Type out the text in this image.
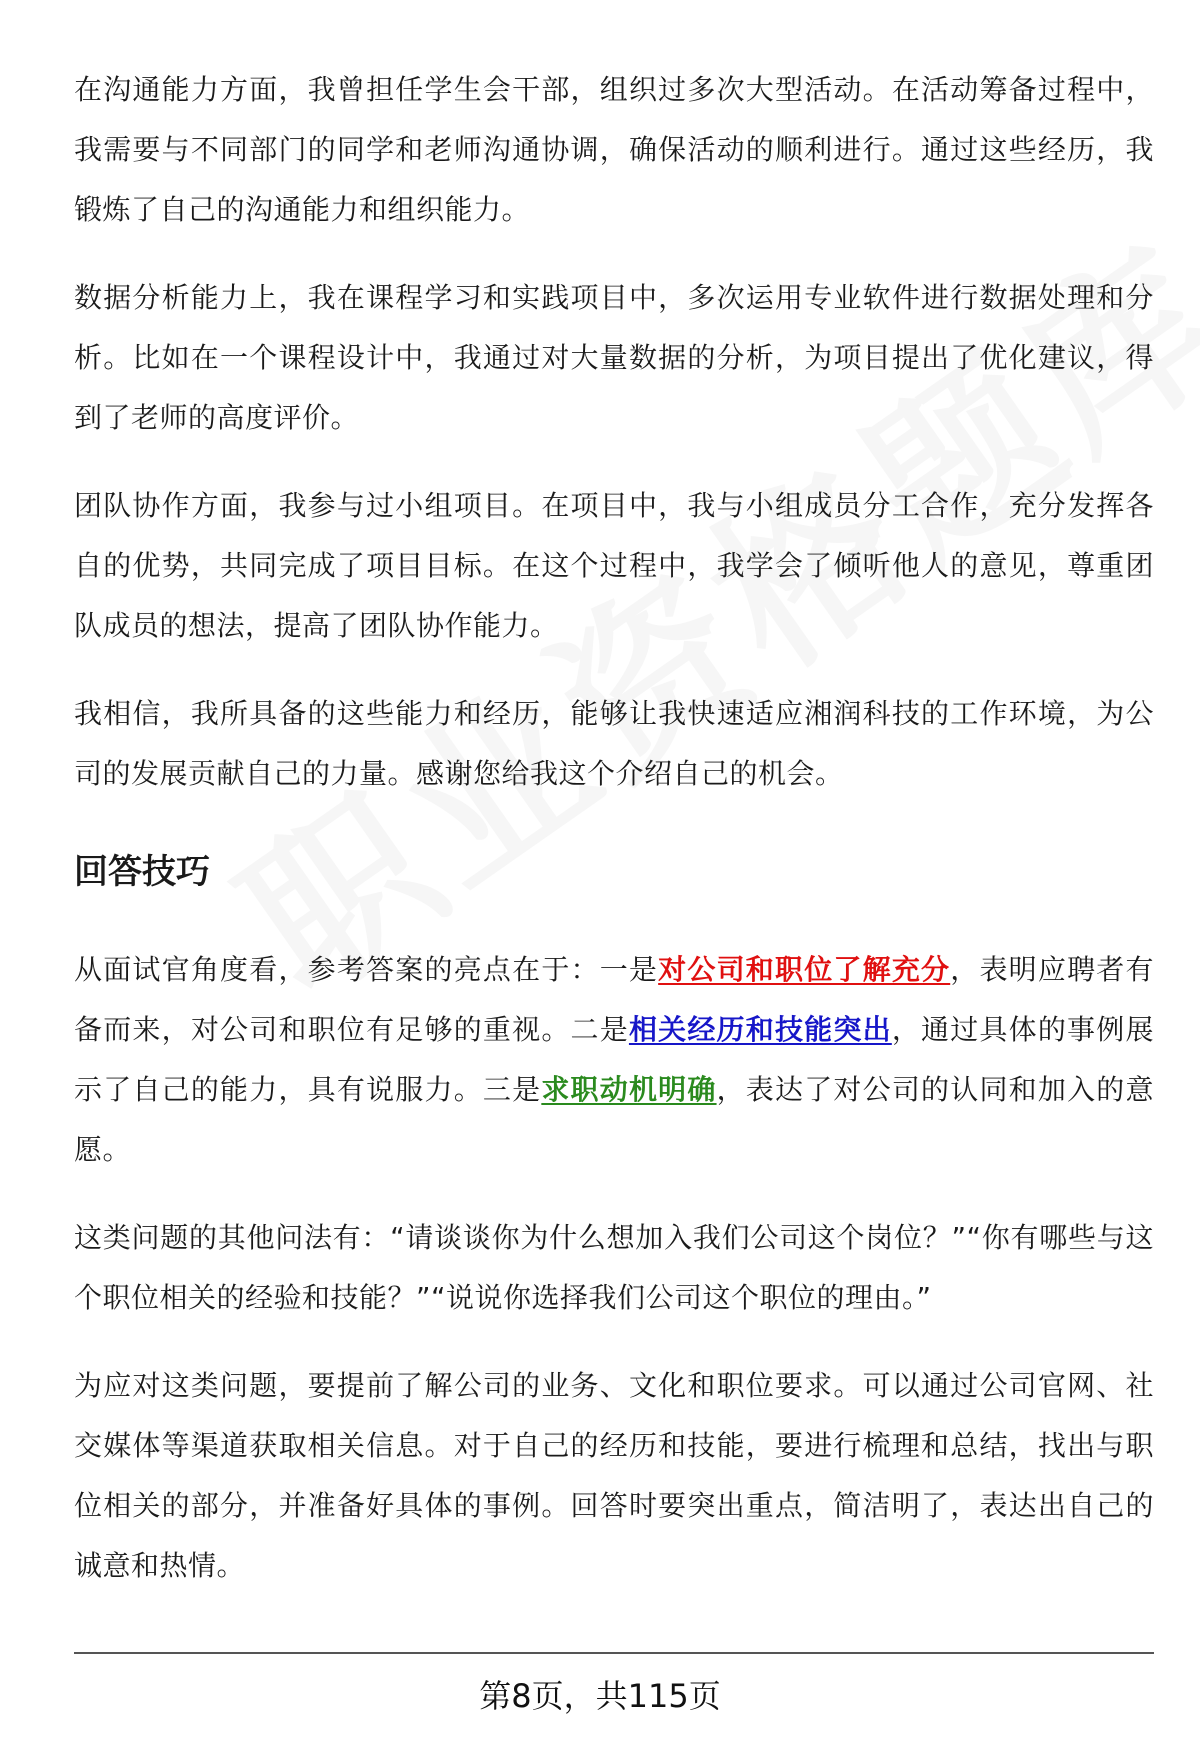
在沟通能力方面，我曾担任学生会干部，组织过多次大型活动。在活动筹备过程中，我需要与不同部门的同学和老师沟通协调，确保活动的顺利进行。通过这些经历，我锻炼了自己的沟通能力和组织能力。

数据分析能力上，我在课程学习和实践项目中，多次运用专业软件进行数据处理和分析。比如在一个课程设计中，我通过对大量数据的分析，为项目提出了优化建议，得到了老师的高度评价。

团队协作方面，我参与过小组项目。在项目中，我与小组成员分工合作，充分发挥各自的优势，共同完成了项目目标。在这个过程中，我学会了倾听他人的意见，尊重团队成员的想法，提高了团队协作能力。

我相信，我所具备的这些能力和经历，能够让我快速适应湘润科技的工作环境，为公司的发展贡献自己的力量。感谢您给我这个介绍自己的机会。

回答技巧

从面试官角度看，参考答案的亮点在于：一是对公司和职位了解充分，表明应聘者有备而来，对公司和职位有足够的重视。二是相关经历和技能突出，通过具体的事例展示了自己的能力，具有说服力。三是求职动机明确，表达了对公司的认同和加入的意愿。

这类问题的其他问法有：“请谈谈你为什么想加入我们公司这个岗位？”“你有哪些与这个职位相关的经验和技能？”“说说你选择我们公司这个职位的理由。”

为应对这类问题，要提前了解公司的业务、文化和职位要求。可以通过公司官网、社交媒体等渠道获取相关信息。对于自己的经历和技能，要进行梳理和总结，找出与职位相关的部分，并准备好具体的事例。回答时要突出重点，简洁明了，表达出自己的诚意和热情。

第8页，共115页
